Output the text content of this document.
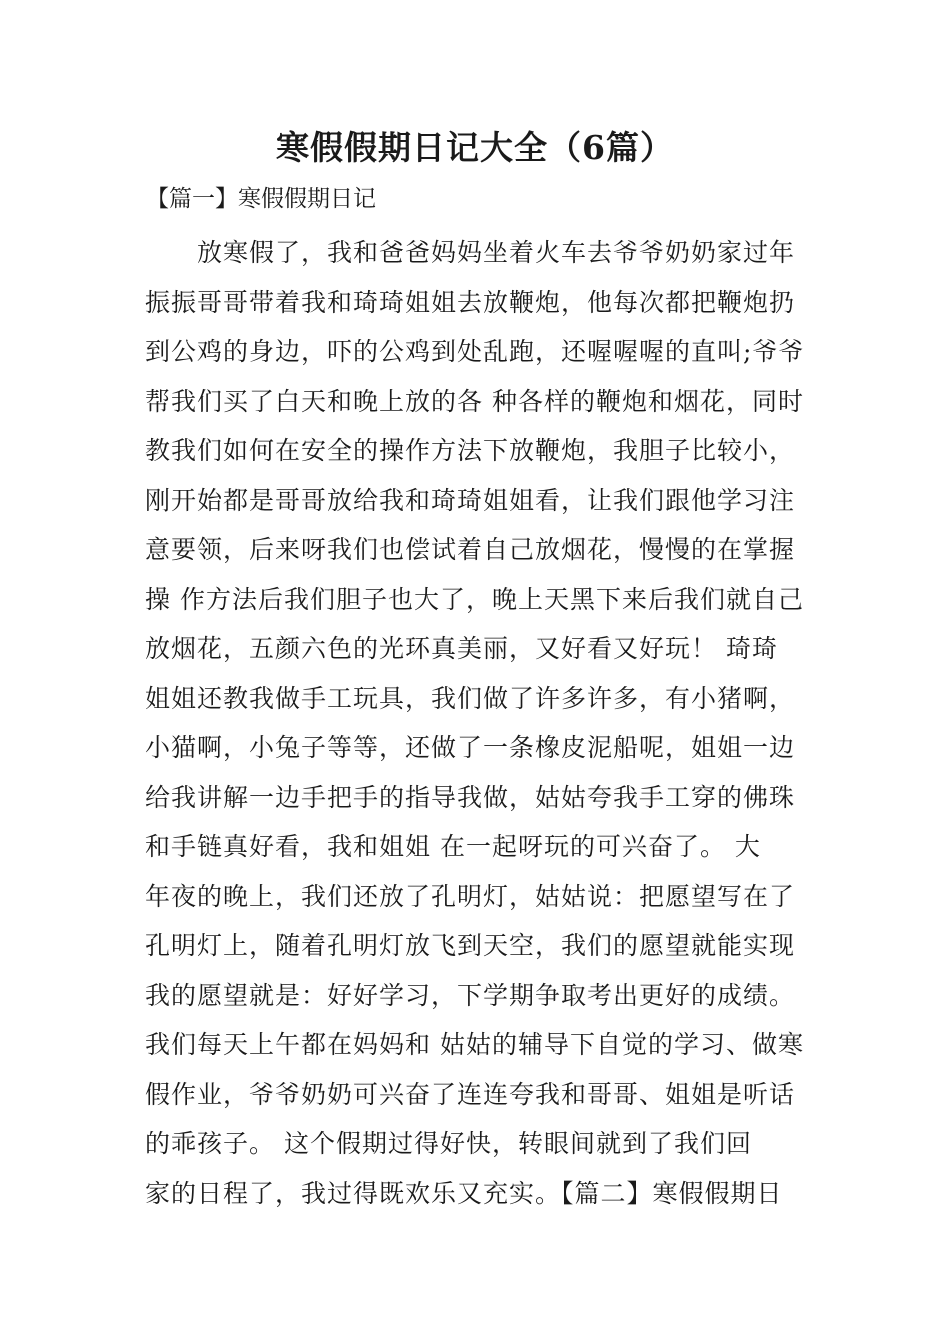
寒假假期日记大全（6篇）
【篇一】寒假假期日记
放寒假了，我和爸爸妈妈坐着火车去爷爷奶奶家过年
振振哥哥带着我和琦琦姐姐去放鞭炮，他每次都把鞭炮扔
到公鸡的身边，吓的公鸡到处乱跑，还喔喔喔的直叫;爷爷
帮我们买了白天和晚上放的各 种各样的鞭炮和烟花，同时
教我们如何在安全的操作方法下放鞭炮，我胆子比较小，
刚开始都是哥哥放给我和琦琦姐姐看，让我们跟他学习注
意要领，后来呀我们也偿试着自己放烟花，慢慢的在掌握
操 作方法后我们胆子也大了，晚上天黑下来后我们就自己
放烟花，五颜六色的光环真美丽，又好看又好玩！ 琦琦
姐姐还教我做手工玩具，我们做了许多许多，有小猪啊，
小猫啊，小兔子等等，还做了一条橡皮泥船呢，姐姐一边
给我讲解一边手把手的指导我做，姑姑夸我手工穿的佛珠
和手链真好看，我和姐姐 在一起呀玩的可兴奋了。 大
年夜的晚上，我们还放了孔明灯，姑姑说：把愿望写在了
孔明灯上，随着孔明灯放飞到天空，我们的愿望就能实现
我的愿望就是：好好学习，下学期争取考出更好的成绩。
我们每天上午都在妈妈和 姑姑的辅导下自觉的学习、做寒
假作业，爷爷奶奶可兴奋了连连夸我和哥哥、姐姐是听话
的乖孩子。 这个假期过得好快，转眼间就到了我们回
家的日程了，我过得既欢乐又充实。【篇二】寒假假期日
